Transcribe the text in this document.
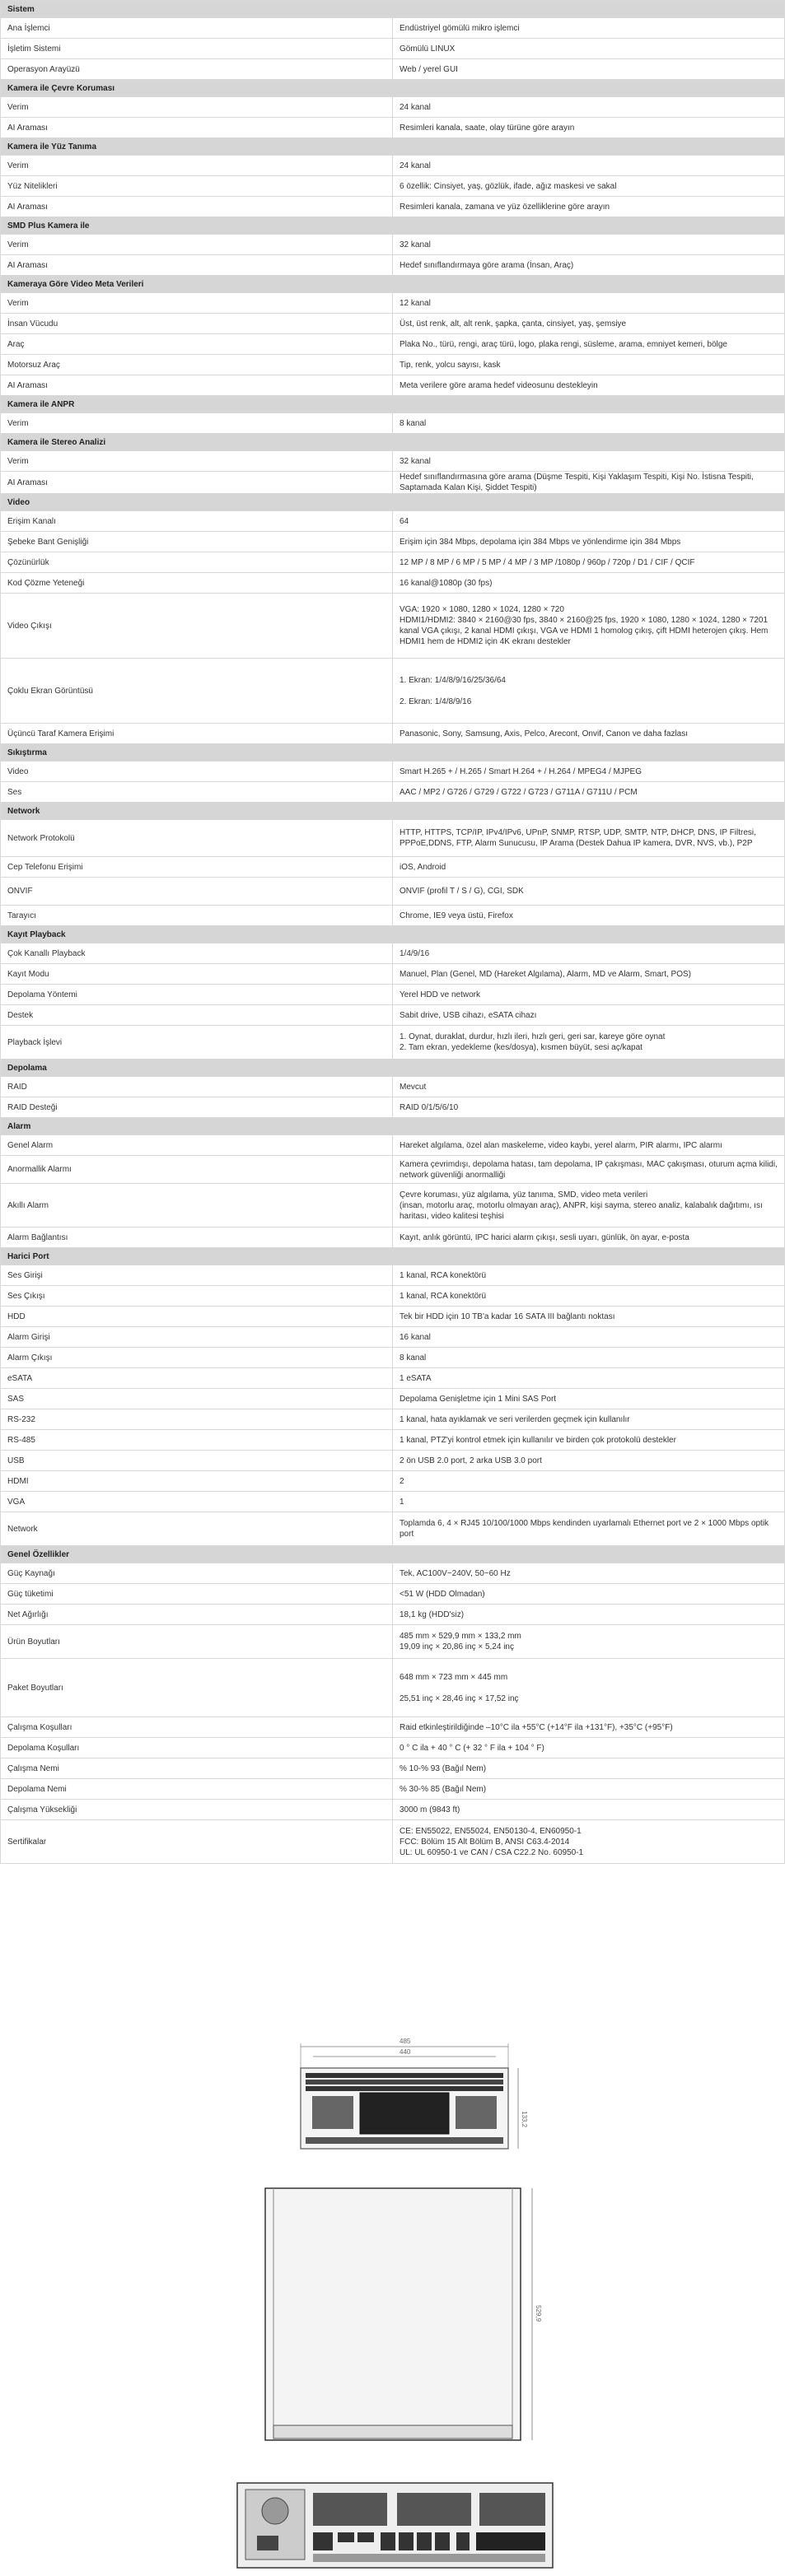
Sistem	
Ana İşlemci	Endüstriyel gömülü mikro işlemci
İşletim Sistemi	Gömülü LINUX
Operasyon Arayüzü	Web / yerel GUI
Kamera ile Çevre Koruması	
Verim	24 kanal
AI Araması	Resimleri kanala, saate, olay türüne göre arayın
Kamera ile Yüz Tanıma	
Verim	24 kanal
Yüz Nitelikleri	6 özellik: Cinsiyet, yaş, gözlük, ifade, ağız maskesi ve sakal
AI Araması	Resimleri kanala, zamana ve yüz özelliklerine göre arayın
SMD Plus Kamera ile	
Verim	32 kanal
AI Araması	Hedef sınıflandırmaya göre arama (İnsan, Araç)
Kameraya Göre Video Meta Verileri	
Verim	12 kanal
İnsan Vücudu	Üst, üst renk, alt, alt renk, şapka, çanta, cinsiyet, yaş, şemsiye
Araç	Plaka No., türü, rengi, araç türü, logo, plaka rengi, süsleme, arama, emniyet kemeri, bölge
Motorsuz Araç	Tip, renk, yolcu sayısı, kask
AI Araması	Meta verilere göre arama hedef videosunu destekleyin
Kamera ile ANPR	
Verim	8 kanal
Kamera ile Stereo Analizi	
Verim	32 kanal
AI Araması	Hedef sınıflandırmasına göre arama (Düşme Tespiti, Kişi Yaklaşım Tespiti, Kişi No. İstisna Tespiti, Saptamada Kalan Kişi, Şiddet Tespiti)
Video	
Erişim Kanalı	64
Şebeke Bant Genişliği	Erişim için 384 Mbps, depolama için 384 Mbps ve yönlendirme için 384 Mbps
Çözünürlük	12 MP / 8 MP / 6 MP / 5 MP / 4 MP / 3 MP /1080p / 960p / 720p / D1 / CIF / QCIF
Kod Çözme Yeteneği	16 kanal@1080p (30 fps)
Video Çıkışı	VGA: 1920 × 1080, 1280 × 1024, 1280 × 720
HDMI1/HDMI2: 3840 × 2160@30 fps, 3840 × 2160@25 fps, 1920 × 1080, 1280 × 1024, 1280 × 7201 kanal VGA çıkışı, 2 kanal HDMI çıkışı, VGA ve HDMI 1 homolog çıkış, çift HDMI heterojen çıkış. Hem HDMI1 hem de HDMI2 için 4K ekranı destekler
Çoklu Ekran Görüntüsü	1. Ekran: 1/4/8/9/16/25/36/64

2. Ekran: 1/4/8/9/16
Üçüncü Taraf Kamera Erişimi	Panasonic, Sony, Samsung, Axis, Pelco, Arecont, Onvif, Canon ve daha fazlası
Sıkıştırma	
Video	Smart H.265 + / H.265 / Smart H.264 + / H.264 / MPEG4 / MJPEG
Ses	AAC / MP2 / G726 / G729 / G722 / G723 / G711A / G711U / PCM
Network	
Network Protokolü	HTTP, HTTPS, TCP/IP, IPv4/IPv6, UPnP, SNMP, RTSP, UDP, SMTP, NTP, DHCP, DNS, IP Filtresi, PPPoE,DDNS, FTP, Alarm Sunucusu, IP Arama (Destek Dahua IP kamera, DVR, NVS, vb.), P2P
Cep Telefonu Erişimi	iOS, Android
ONVIF	ONVIF (profil T / S / G), CGI, SDK
Tarayıcı	Chrome, IE9 veya üstü, Firefox
Kayıt Playback	
Çok Kanallı Playback	1/4/9/16
Kayıt Modu	Manuel, Plan (Genel, MD (Hareket Algılama), Alarm, MD ve Alarm, Smart, POS)
Depolama Yöntemi	Yerel HDD ve network
Destek	Sabit drive, USB cihazı, eSATA cihazı
Playback İşlevi	1. Oynat, duraklat, durdur, hızlı ileri, hızlı geri, geri sar, kareye göre oynat
2. Tam ekran, yedekleme (kes/dosya), kısmen büyüt, sesi aç/kapat
Depolama	
RAID	Mevcut
RAID Desteği	RAID 0/1/5/6/10
Alarm	
Genel Alarm	Hareket algılama, özel alan maskeleme, video kaybı, yerel alarm, PIR alarmı, IPC alarmı
Anormallik Alarmı	Kamera çevrimdışı, depolama hatası, tam depolama, IP çakışması, MAC çakışması, oturum açma kilidi, network güvenliği anormalliği
Akıllı Alarm	Çevre koruması, yüz algılama, yüz tanıma, SMD, video meta verileri
(insan, motorlu araç, motorlu olmayan araç), ANPR, kişi sayma, stereo analiz, kalabalık dağıtımı, ısı haritası, video kalitesi teşhisi
Alarm Bağlantısı	Kayıt, anlık görüntü, IPC harici alarm çıkışı, sesli uyarı, günlük, ön ayar, e-posta
Harici Port	
Ses Girişi	1 kanal, RCA konektörü
Ses Çıkışı	1 kanal, RCA konektörü
HDD	Tek bir HDD için 10 TB'a kadar 16 SATA III bağlantı noktası
Alarm Girişi	16 kanal
Alarm Çıkışı	8 kanal
eSATA	1 eSATA
SAS	Depolama Genişletme için 1 Mini SAS Port
RS-232	1 kanal, hata ayıklamak ve seri verilerden geçmek için kullanılır
RS-485	1 kanal, PTZ'yi kontrol etmek için kullanılır ve birden çok protokolü destekler
USB	2 ön USB 2.0 port, 2 arka USB 3.0 port
HDMI	2
VGA	1
Network	Toplamda 6, 4 × RJ45 10/100/1000 Mbps kendinden uyarlamalı Ethernet port ve 2 × 1000 Mbps optik port
Genel Özellikler	
Güç Kaynağı	Tek, AC100V~240V, 50~60 Hz
Güç tüketimi	<51 W (HDD Olmadan)
Net Ağırlığı	18,1 kg (HDD'siz)
Ürün Boyutları	485 mm × 529,9 mm × 133,2 mm
19,09 inç × 20,86 inç × 5,24 inç
Paket Boyutları	648 mm × 723 mm × 445 mm

25,51 inç × 28,46 inç × 17,52 inç
Çalışma Koşulları	Raid etkinleştirildiğinde –10°C ila +55°C (+14°F ila +131°F), +35°C (+95°F)
Depolama Koşulları	0 ° C ila + 40 ° C (+ 32 ° F ila + 104 ° F)
Çalışma Nemi	% 10-% 93 (Bağıl Nem)
Depolama Nemi	% 30-% 85 (Bağıl Nem)
Çalışma Yüksekliği	3000 m (9843 ft)
Sertifikalar	CE: EN55022, EN55024, EN50130-4, EN60950-1
FCC: Bölüm 15 Alt Bölüm B, ANSI C63.4-2014
UL: UL 60950-1 ve CAN / CSA C22.2 No. 60950-1
485
440
133,2
529,9
